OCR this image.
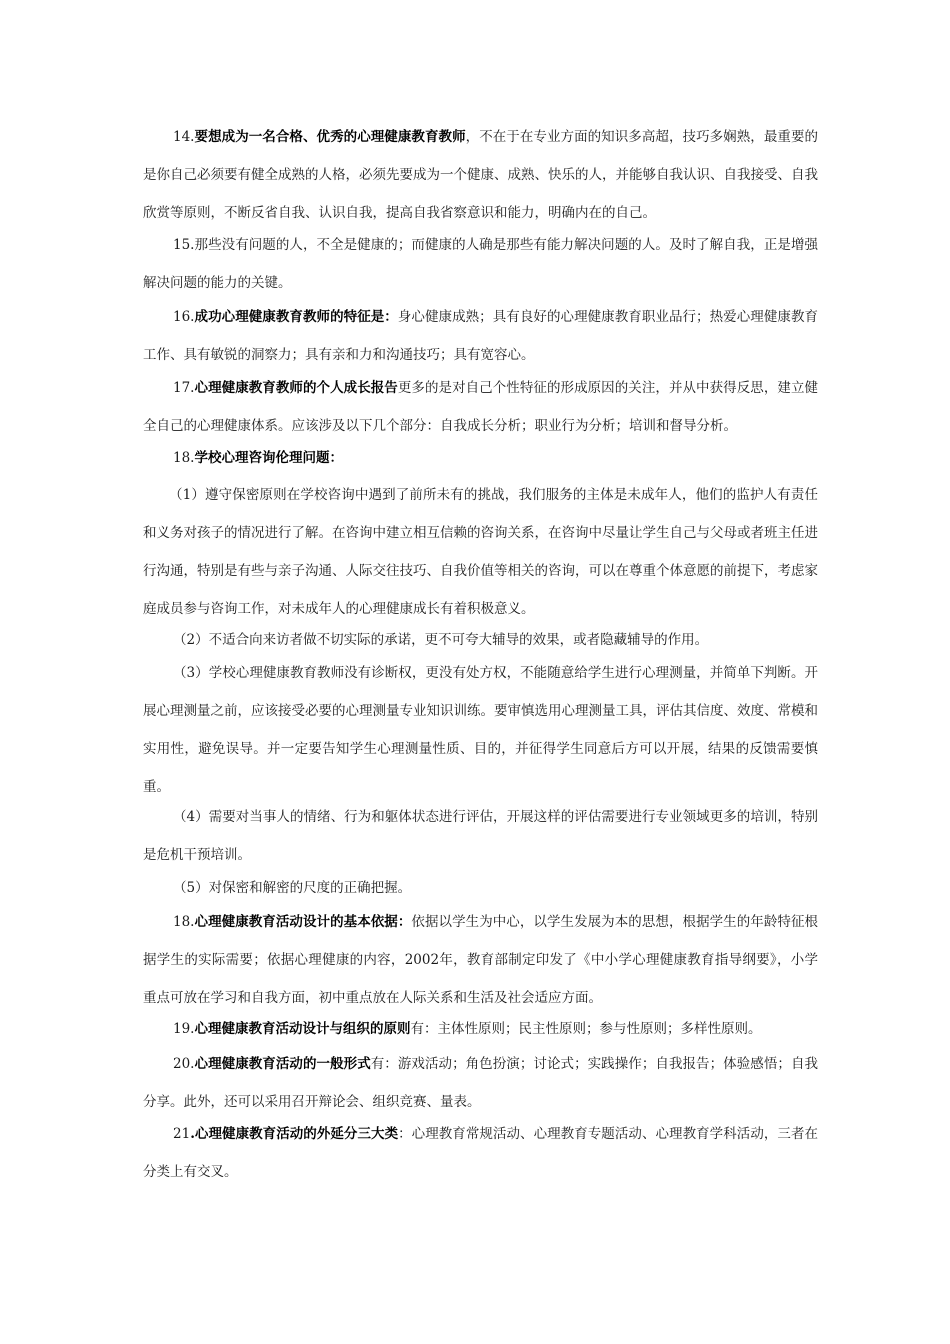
14.要想成为一名合格、优秀的心理健康教育教师，不在于在专业方面的知识多高超，技巧多娴熟，最重要的是你自己必须要有健全成熟的人格，必须先要成为一个健康、成熟、快乐的人，并能够自我认识、自我接受、自我欣赏等原则，不断反省自我、认识自我，提高自我省察意识和能力，明确内在的自己。

15.那些没有问题的人，不全是健康的；而健康的人确是那些有能力解决问题的人。及时了解自我，正是增强解决问题的能力的关键。

16.成功心理健康教育教师的特征是：身心健康成熟；具有良好的心理健康教育职业品行；热爱心理健康教育工作、具有敏锐的洞察力；具有亲和力和沟通技巧；具有宽容心。

17.心理健康教育教师的个人成长报告更多的是对自己个性特征的形成原因的关注，并从中获得反思，建立健全自己的心理健康体系。应该涉及以下几个部分：自我成长分析；职业行为分析；培训和督导分析。

18.学校心理咨询伦理问题：

（1）遵守保密原则在学校咨询中遇到了前所未有的挑战，我们服务的主体是未成年人，他们的监护人有责任和义务对孩子的情况进行了解。在咨询中建立相互信赖的咨询关系，在咨询中尽量让学生自己与父母或者班主任进行沟通，特别是有些与亲子沟通、人际交往技巧、自我价值等相关的咨询，可以在尊重个体意愿的前提下，考虑家庭成员参与咨询工作，对未成年人的心理健康成长有着积极意义。

（2）不适合向来访者做不切实际的承诺，更不可夸大辅导的效果，或者隐藏辅导的作用。

（3）学校心理健康教育教师没有诊断权，更没有处方权，不能随意给学生进行心理测量，并简单下判断。开展心理测量之前，应该接受必要的心理测量专业知识训练。要审慎选用心理测量工具，评估其信度、效度、常模和实用性，避免误导。并一定要告知学生心理测量性质、目的，并征得学生同意后方可以开展，结果的反馈需要慎重。

（4）需要对当事人的情绪、行为和躯体状态进行评估，开展这样的评估需要进行专业领域更多的培训，特别是危机干预培训。

（5）对保密和解密的尺度的正确把握。

18.心理健康教育活动设计的基本依据：依据以学生为中心，以学生发展为本的思想，根据学生的年龄特征根据学生的实际需要；依据心理健康的内容，2002年，教育部制定印发了《中小学心理健康教育指导纲要》，小学重点可放在学习和自我方面，初中重点放在人际关系和生活及社会适应方面。

19.心理健康教育活动设计与组织的原则有：主体性原则；民主性原则；参与性原则；多样性原则。

20.心理健康教育活动的一般形式有：游戏活动；角色扮演；讨论式；实践操作；自我报告；体验感悟；自我分享。此外，还可以采用召开辩论会、组织竞赛、量表。

21.心理健康教育活动的外延分三大类：心理教育常规活动、心理教育专题活动、心理教育学科活动，三者在分类上有交叉。
